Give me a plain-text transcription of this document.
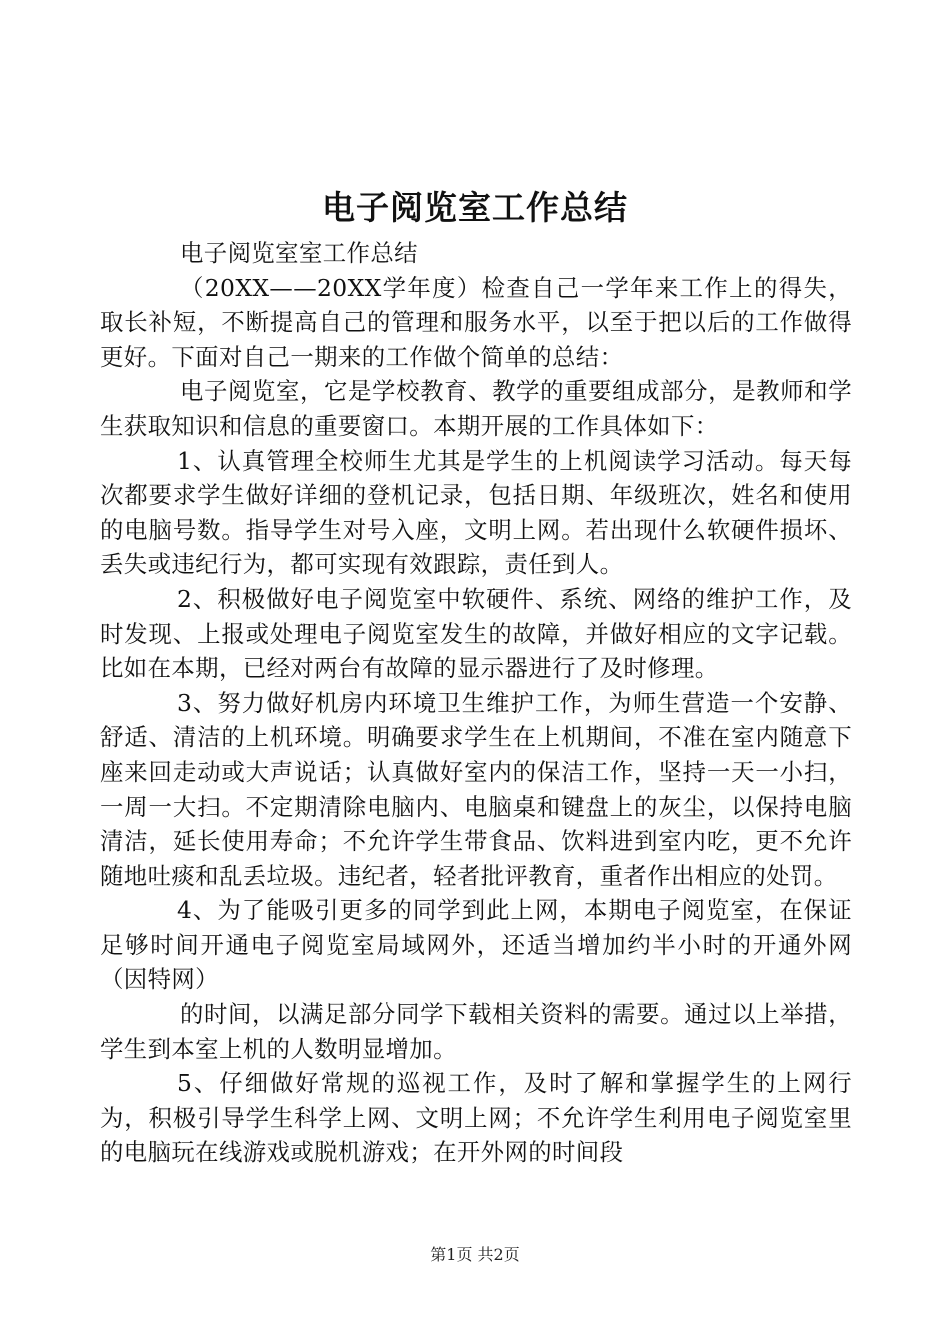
电子阅览室工作总结

电子阅览室室工作总结

（20XX——20XX学年度）检查自己一学年来工作上的得失，取长补短，不断提高自己的管理和服务水平，以至于把以后的工作做得更好。下面对自己一期来的工作做个简单的总结：

电子阅览室，它是学校教育、教学的重要组成部分，是教师和学生获取知识和信息的重要窗口。本期开展的工作具体如下：

1、认真管理全校师生尤其是学生的上机阅读学习活动。每天每次都要求学生做好详细的登机记录，包括日期、年级班次，姓名和使用的电脑号数。指导学生对号入座，文明上网。若出现什么软硬件损坏、丢失或违纪行为，都可实现有效跟踪，责任到人。

2、积极做好电子阅览室中软硬件、系统、网络的维护工作，及时发现、上报或处理电子阅览室发生的故障，并做好相应的文字记载。比如在本期，已经对两台有故障的显示器进行了及时修理。

3、努力做好机房内环境卫生维护工作，为师生营造一个安静、舒适、清洁的上机环境。明确要求学生在上机期间，不准在室内随意下座来回走动或大声说话；认真做好室内的保洁工作，坚持一天一小扫，一周一大扫。不定期清除电脑内、电脑桌和键盘上的灰尘，以保持电脑清洁，延长使用寿命；不允许学生带食品、饮料进到室内吃，更不允许随地吐痰和乱丢垃圾。违纪者，轻者批评教育，重者作出相应的处罚。

4、为了能吸引更多的同学到此上网，本期电子阅览室，在保证足够时间开通电子阅览室局域网外，还适当增加约半小时的开通外网（因特网）

的时间，以满足部分同学下载相关资料的需要。通过以上举措，学生到本室上机的人数明显增加。

5、仔细做好常规的巡视工作，及时了解和掌握学生的上网行为，积极引导学生科学上网、文明上网；不允许学生利用电子阅览室里的电脑玩在线游戏或脱机游戏；在开外网的时间段

第1页 共2页
